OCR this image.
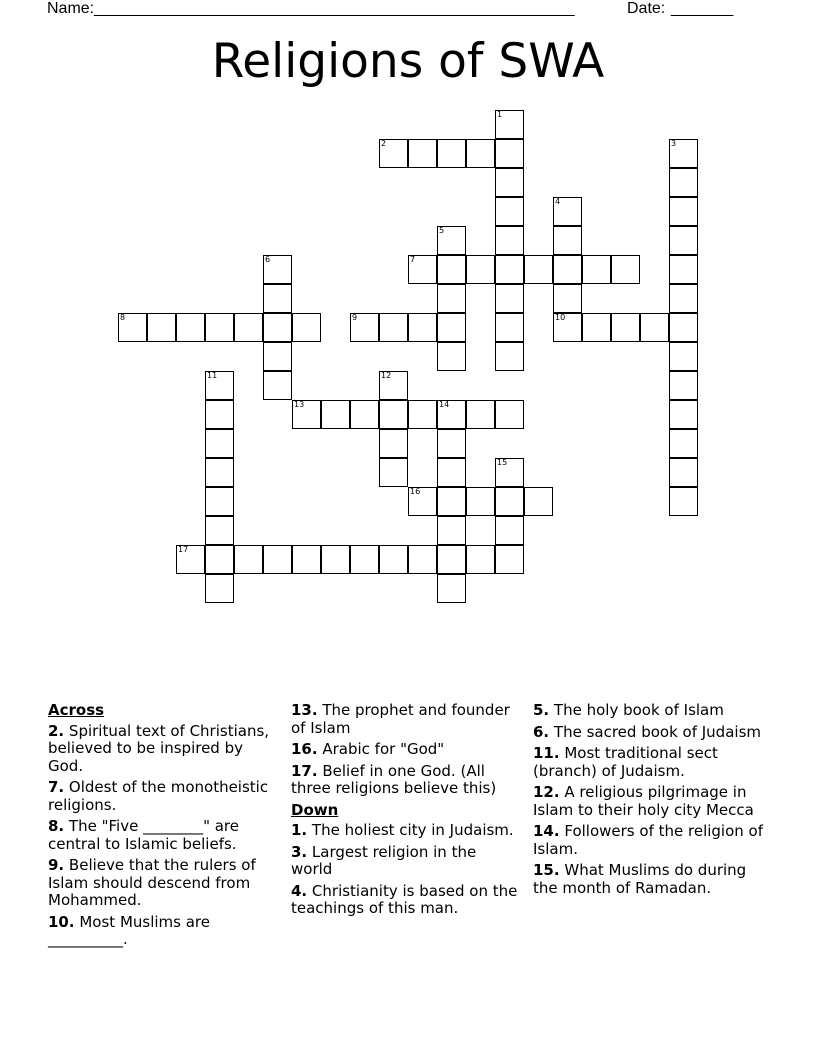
Name: ______________________________________________________	Date: _______
Religions of SWA
1
2	3
4
5
6	7
8	9	10
11	12
13	14
15
16
17
Across
2. Spiritual text of Christians, believed to be inspired by God.
7. Oldest of the monotheistic religions.
8. The "Five ________" are central to Islamic beliefs.
9. Believe that the rulers of Islam should descend from Mohammed.
10. Most Muslims are __________.
13. The prophet and founder of Islam
16. Arabic for "God"
17. Belief in one God. (All three religions believe this)
Down
1. The holiest city in Judaism.
3. Largest religion in the world
4. Christianity is based on the teachings of this man.
5. The holy book of Islam
6. The sacred book of Judaism
11. Most traditional sect (branch) of Judaism.
12. A religious pilgrimage in Islam to their holy city Mecca
14. Followers of the religion of Islam.
15. What Muslims do during the month of Ramadan.
